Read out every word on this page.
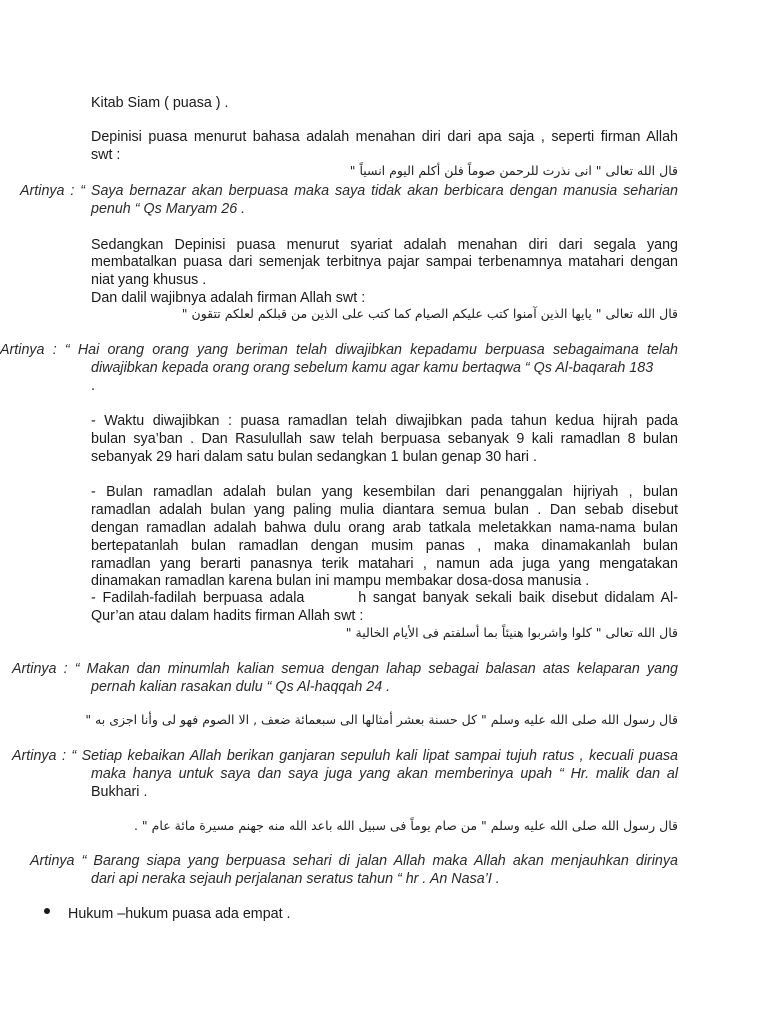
Kitab Siam ( puasa ) .
Depinisi puasa menurut bahasa adalah menahan diri dari apa saja , seperti firman Allah
swt :
قال الله تعالى " انى نذرت للرحمن صوماً فلن أكلم اليوم انسياً "
Artinya : “ Saya bernazar akan berpuasa maka saya tidak akan berbicara dengan manusia seharian
penuh “ Qs Maryam 26 .
Sedangkan Depinisi puasa menurut syariat adalah menahan diri dari segala yang
membatalkan puasa dari semenjak terbitnya pajar sampai terbenamnya matahari dengan
niat yang khusus .
Dan dalil wajibnya adalah firman Allah swt :
قال الله تعالى " يايها الذين آمنوا كتب عليكم الصيام كما كتب على الذين من قبلكم لعلكم تتقون "
Artinya : “ Hai orang orang yang beriman telah diwajibkan kepadamu berpuasa sebagaimana telah
diwajibkan kepada orang orang sebelum kamu agar kamu bertaqwa “ Qs Al-baqarah 183
.
- Waktu diwajibkan : puasa ramadlan telah diwajibkan pada tahun kedua hijrah pada
bulan sya’ban . Dan Rasulullah saw telah berpuasa sebanyak 9 kali ramadlan 8 bulan
sebanyak 29 hari dalam satu bulan sedangkan 1 bulan genap 30 hari .
- Bulan ramadlan adalah bulan yang kesembilan dari penanggalan hijriyah , bulan
ramadlan adalah bulan yang paling mulia diantara semua bulan . Dan sebab disebut
dengan ramadlan adalah bahwa dulu orang arab tatkala meletakkan nama-nama bulan
bertepatanlah bulan ramadlan dengan musim panas , maka dinamakanlah bulan
ramadlan yang berarti panasnya terik matahari , namun ada juga yang mengatakan
dinamakan ramadlan karena bulan ini mampu membakar dosa-dosa manusia .
- Fadilah-fadilah berpuasa adala        h sangat banyak sekali baik disebut didalam Al-
Qur’an atau dalam hadits firman Allah swt :
قال الله تعالى " كلوا واشربوا هنيئاً بما أسلفتم فى الأيام الخالية "
Artinya : “ Makan dan minumlah kalian semua dengan lahap sebagai balasan atas kelaparan yang
pernah kalian rasakan dulu “ Qs Al-haqqah 24 .
قال رسول الله صلى الله عليه وسلم " كل حسنة بعشر أمثالها الى سبعمائة ضعف , الا الصوم فهو لى وأنا اجزى به "
Artinya : “ Setiap kebaikan Allah berikan ganjaran sepuluh kali lipat sampai tujuh ratus , kecuali puasa
maka hanya untuk saya dan saya juga yang akan memberinya upah “ Hr. malik dan al
Bukhari .
قال رسول الله صلى الله عليه وسلم " من صام يوماً فى سبيل الله باعد الله منه جهنم مسيرة مائة عام " .
Artinya “ Barang siapa yang berpuasa sehari di jalan Allah maka Allah akan menjauhkan dirinya
dari api neraka sejauh perjalanan seratus tahun “ hr . An Nasa’I .
Hukum –hukum puasa ada empat .
